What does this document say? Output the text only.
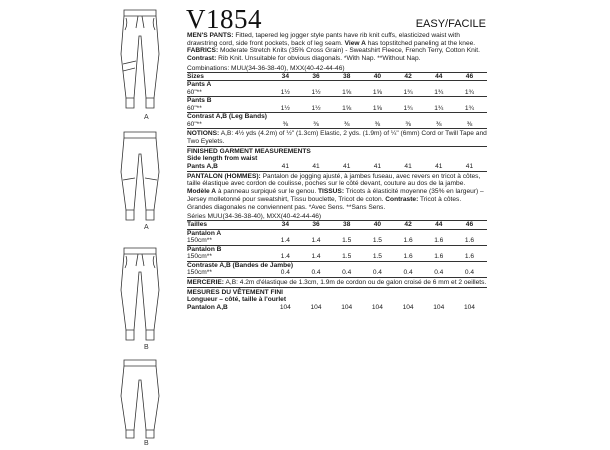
A
A
B
B
V1854	EASY/FACILE
MEN'S PANTS: Fitted, tapered leg jogger style pants have rib knit cuffs, elasticized waist with drawstring cord, side front pockets, back of leg seam. View A has topstitched paneling at the knee. FABRICS: Moderate Stretch Knits (35% Cross Grain) - Sweatshirt Fleece, French Terry, Cotton Knit. Contrast: Rib Knit. Unsuitable for obvious diagonals. *With Nap. **Without Nap.
Combinations: MUU(34-36-38-40), MXX(40-42-44-46)
Sizes	34	36	38	40	42	44	46
Pants A
60"**	1½	1½	1⅝	1⅝	1¾	1¾	1¾
Pants B
60"**	1½	1½	1⅝	1⅝	1¾	1¾	1¾
Contrast A,B (Leg Bands)
60"**	⅜	⅜	⅜	⅜	⅜	⅜	⅜
NOTIONS: A,B: 4½ yds (4.2m) of ½" (1.3cm) Elastic, 2 yds. (1.9m) of ¼" (6mm) Cord or Twill Tape and Two Eyelets.
FINISHED GARMENT MEASUREMENTS
Side length from waist
Pants A,B	41	41	41	41	41	41	41
PANTALON (HOMMES): Pantalon de jogging ajusté, à jambes fuseau, avec revers en tricot à côtes, taille élastique avec cordon de coulisse, poches sur le côté devant, couture au dos de la jambe. Modèle A à panneau surpiqué sur le genou. TISSUS: Tricots à élasticité moyenne (35% en largeur) – Jersey molletonné pour sweatshirt, Tissu bouclette, Tricot de coton. Contraste: Tricot à côtes. Grandes diagonales ne conviennent pas. *Avec Sens. **Sans Sens.
Séries MUU(34-36-38-40), MXX(40-42-44-46)
Tailles	34	36	38	40	42	44	46
Pantalon A
150cm**	1.4	1.4	1.5	1.5	1.6	1.6	1.6
Pantalon B
150cm**	1.4	1.4	1.5	1.5	1.6	1.6	1.6
Contraste A,B (Bandes de Jambe)
150cm**	0.4	0.4	0.4	0.4	0.4	0.4	0.4
MERCERIE: A,B: 4.2m d'élastique de 1.3cm, 1.9m de cordon ou de galon croisé de 6 mm et 2 oeillets.
MESURES DU VÊTEMENT FINI
Longueur – côté, taille à l'ourlet
Pantalon A,B	104	104	104	104	104	104	104
